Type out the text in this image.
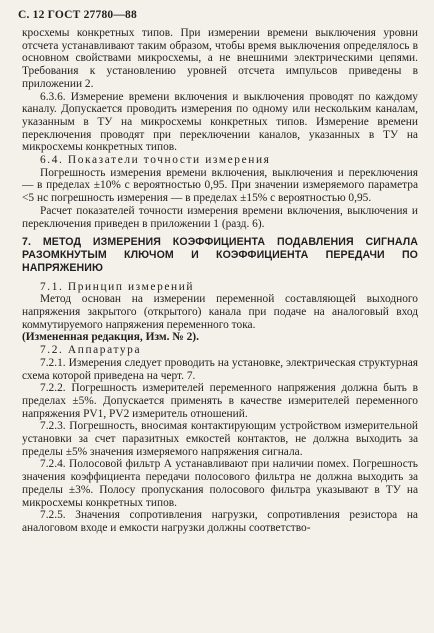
С. 12 ГОСТ 27780—88

кросхемы конкретных типов. При измерении времени выключения уровни отсчета устанавливают таким образом, чтобы время выключения определялось в основном свойствами микросхемы, а не внешними электрическими цепями. Требования к установлению уровней отсчета импульсов приведены в приложении 2.

6.3.6. Измерение времени включения и выключения проводят по каждому каналу. Допускается проводить измерения по одному или нескольким каналам, указанным в ТУ на микросхемы конкретных типов. Измерение времени переключения проводят при переключении каналов, указанных в ТУ на микросхемы конкретных типов.

6.4. Показатели точности измерения

Погрешность измерения времени включения, выключения и переключения — в пределах ±10% с вероятностью 0,95. При значении измеряемого параметра <5 нс погрешность измерения — в пределах ±15% с вероятностью 0,95.

Расчет показателей точности измерения времени включения, выключения и переключения приведен в приложении 1 (разд. 6).

7. МЕТОД ИЗМЕРЕНИЯ КОЭФФИЦИЕНТА ПОДАВЛЕНИЯ СИГНАЛА РАЗОМКНУТЫМ КЛЮЧОМ И КОЭФФИЦИЕНТА ПЕРЕДАЧИ ПО НАПРЯЖЕНИЮ

7.1. Принцип измерений

Метод основан на измерении переменной составляющей выходного напряжения закрытого (открытого) канала при подаче на аналоговый вход коммутируемого напряжения переменного тока.

(Измененная редакция, Изм. № 2).

7.2. Аппаратура

7.2.1. Измерения следует проводить на установке, электрическая структурная схема которой приведена на черт. 7.

7.2.2. Погрешность измерителей переменного напряжения должна быть в пределах ±5%. Допускается применять в качестве измерителей переменного напряжения PV1, PV2 измеритель отношений.

7.2.3. Погрешность, вносимая контактирующим устройством измерительной установки за счет паразитных емкостей контактов, не должна выходить за пределы ±5% значения измеряемого напряжения сигнала.

7.2.4. Полосовой фильтр А устанавливают при наличии помех. Погрешность значения коэффициента передачи полосового фильтра не должна выходить за пределы ±3%. Полосу пропускания полосового фильтра указывают в ТУ на микросхемы конкретных типов.

7.2.5. Значения сопротивления нагрузки, сопротивления резистора на аналоговом входе и емкости нагрузки должны соответство-
